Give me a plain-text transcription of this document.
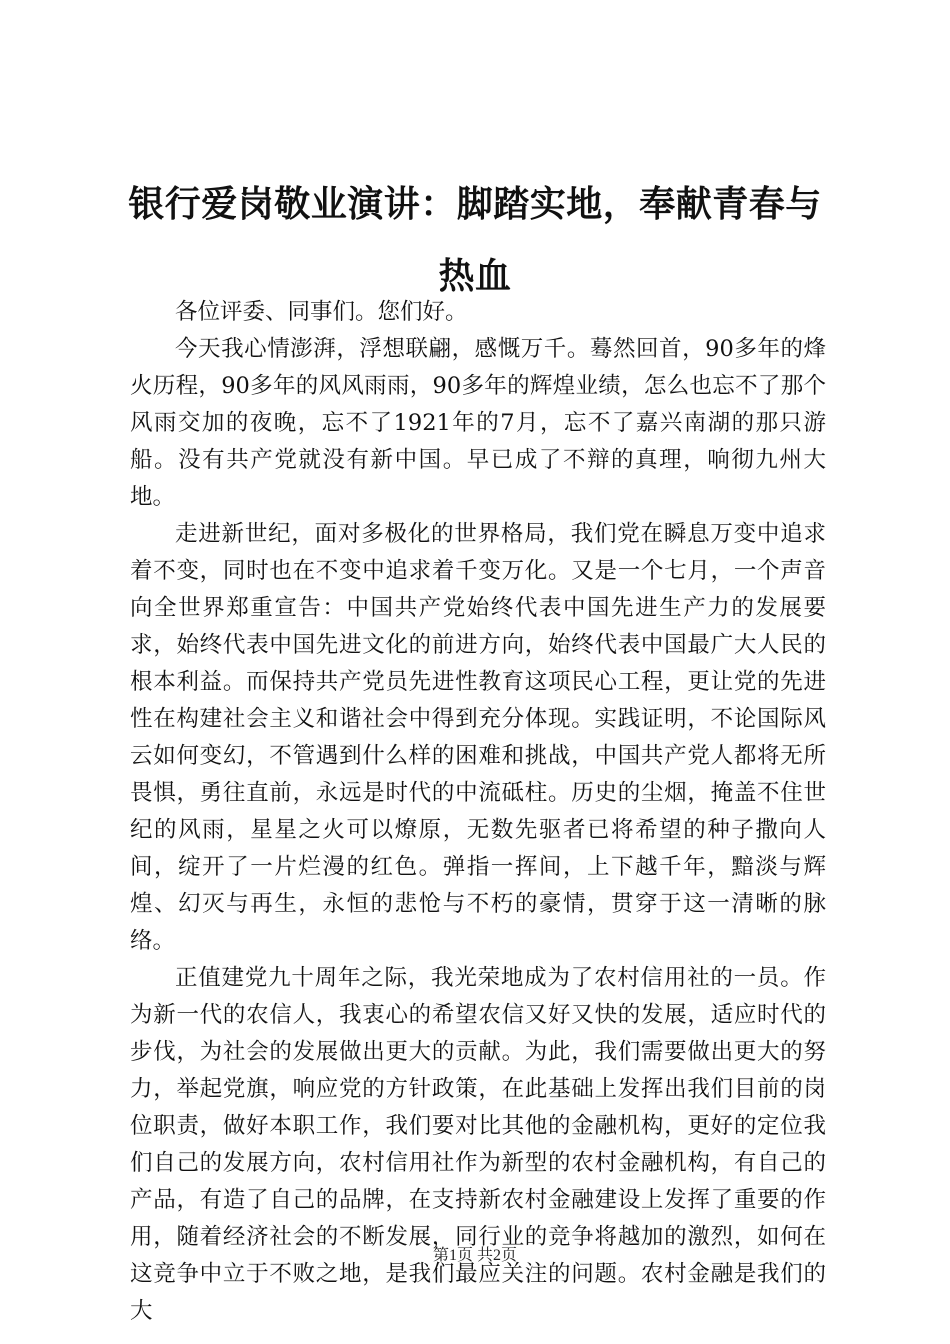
银行爱岗敬业演讲：脚踏实地，奉献青春与热血

各位评委、同事们。您们好。

今天我心情澎湃，浮想联翩，感慨万千。蓦然回首，90多年的烽火历程，90多年的风风雨雨，90多年的辉煌业绩，怎么也忘不了那个风雨交加的夜晚，忘不了1921年的7月，忘不了嘉兴南湖的那只游船。没有共产党就没有新中国。早已成了不辩的真理，响彻九州大地。

走进新世纪，面对多极化的世界格局，我们党在瞬息万变中追求着不变，同时也在不变中追求着千变万化。又是一个七月，一个声音向全世界郑重宣告：中国共产党始终代表中国先进生产力的发展要求，始终代表中国先进文化的前进方向，始终代表中国最广大人民的根本利益。而保持共产党员先进性教育这项民心工程，更让党的先进性在构建社会主义和谐社会中得到充分体现。实践证明，不论国际风云如何变幻，不管遇到什么样的困难和挑战，中国共产党人都将无所畏惧，勇往直前，永远是时代的中流砥柱。历史的尘烟，掩盖不住世纪的风雨，星星之火可以燎原，无数先驱者已将希望的种子撒向人间，绽开了一片烂漫的红色。弹指一挥间，上下越千年，黯淡与辉煌、幻灭与再生，永恒的悲怆与不朽的豪情，贯穿于这一清晰的脉络。

正值建党九十周年之际，我光荣地成为了农村信用社的一员。作为新一代的农信人，我衷心的希望农信又好又快的发展，适应时代的步伐，为社会的发展做出更大的贡献。为此，我们需要做出更大的努力，举起党旗，响应党的方针政策，在此基础上发挥出我们目前的岗位职责，做好本职工作，我们要对比其他的金融机构，更好的定位我们自己的发展方向，农村信用社作为新型的农村金融机构，有自己的产品，有造了自己的品牌，在支持新农村金融建设上发挥了重要的作用，随着经济社会的不断发展，同行业的竞争将越加的激烈，如何在这竞争中立于不败之地，是我们最应关注的问题。农村金融是我们的大

第1页 共2页
